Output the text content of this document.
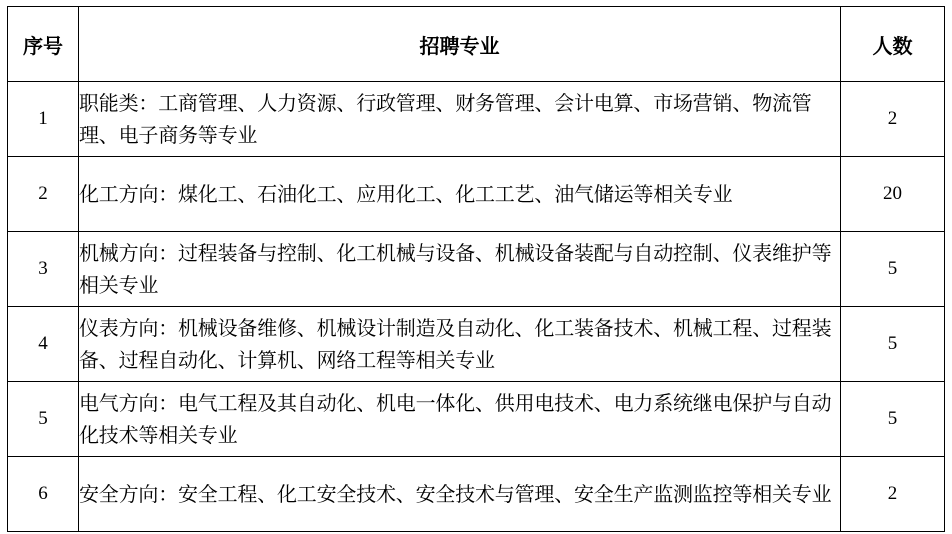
序号	招聘专业	人数
1	职能类：工商管理、人力资源、行政管理、财务管理、会计电算、市场营销、物流管理、电子商务等专业	2
2	化工方向：煤化工、石油化工、应用化工、化工工艺、油气储运等相关专业	20
3	机械方向：过程装备与控制、化工机械与设备、机械设备装配与自动控制、仪表维护等相关专业	5
4	仪表方向：机械设备维修、机械设计制造及自动化、化工装备技术、机械工程、过程装备、过程自动化、计算机、网络工程等相关专业	5
5	电气方向：电气工程及其自动化、机电一体化、供用电技术、电力系统继电保护与自动化技术等相关专业	5
6	安全方向：安全工程、化工安全技术、安全技术与管理、安全生产监测监控等相关专业	2
